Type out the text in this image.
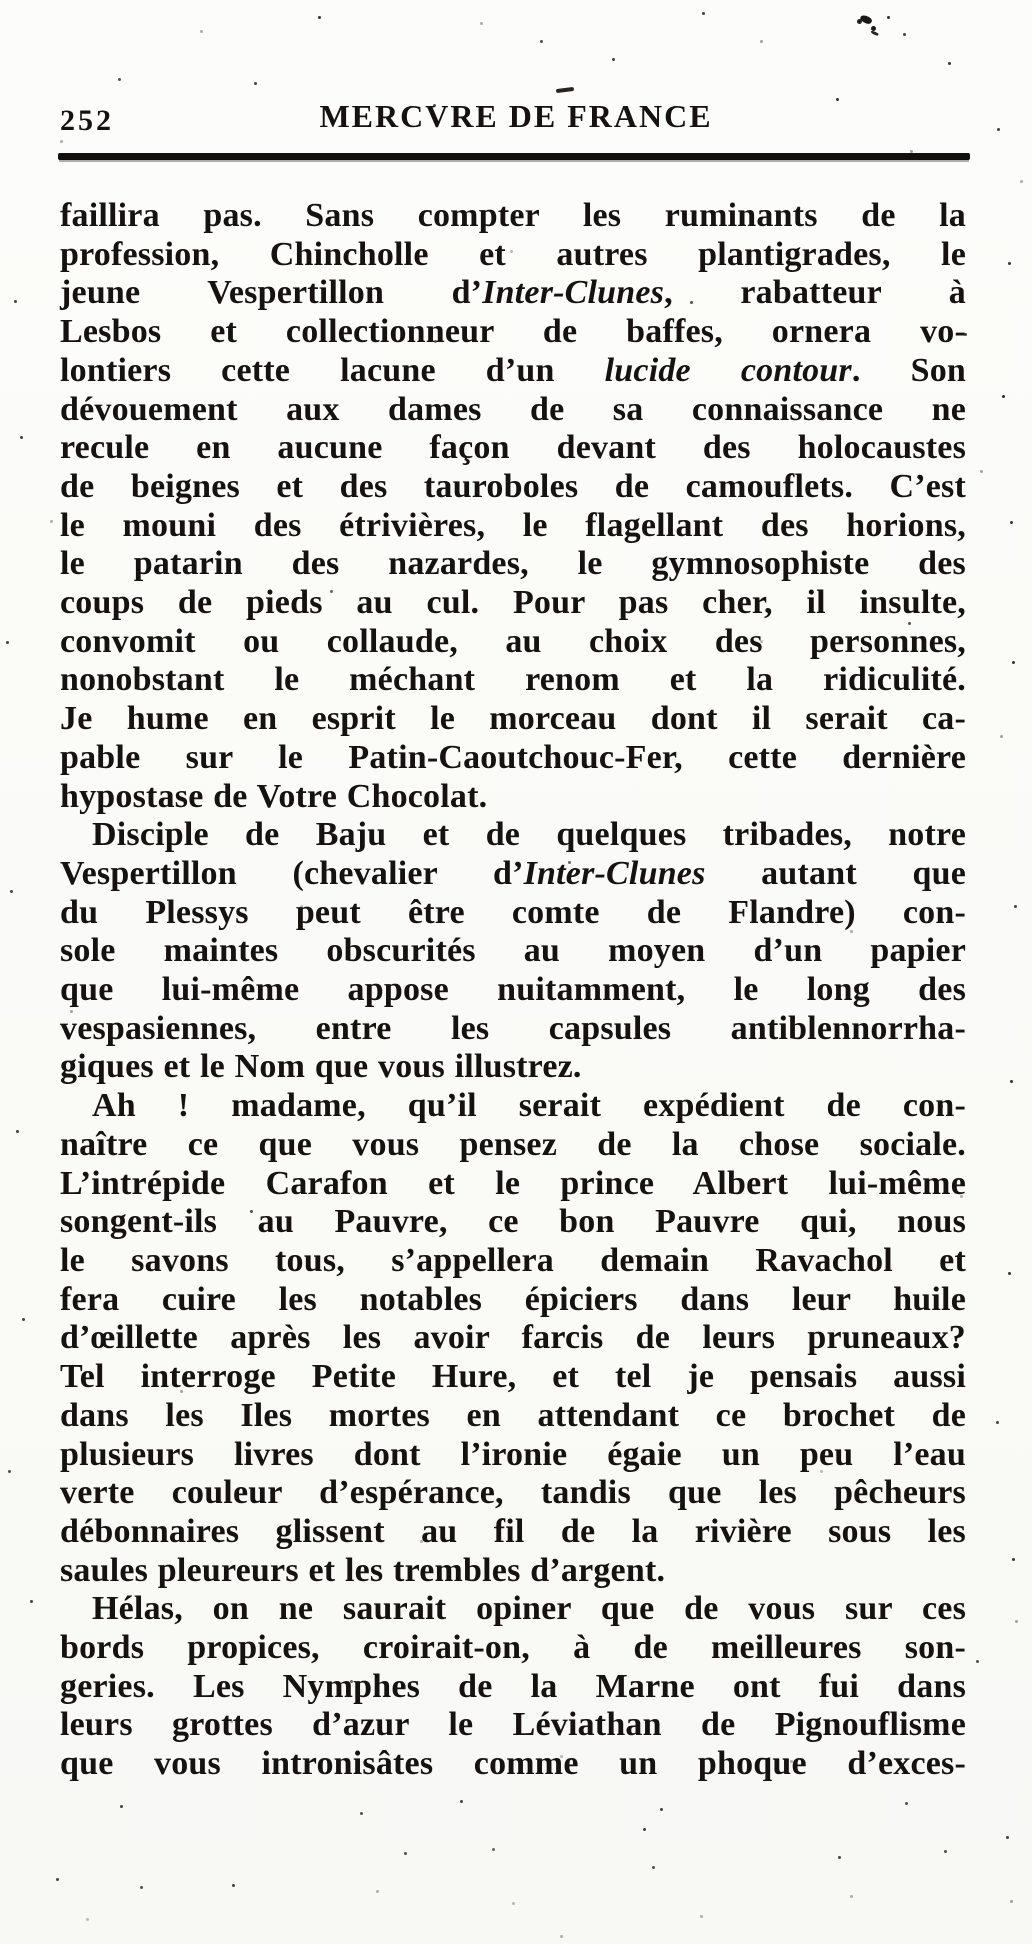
252	MERCVRE DE FRANCE
faillira pas. Sans compter les ruminants de la
profession, Chincholle et autres plantigrades, le
jeune Vespertillon d’Inter-Clunes, rabatteur à
Lesbos et collectionneur de baffes, ornera vo-
lontiers cette lacune d’un lucide contour. Son
dévouement aux dames de sa connaissance ne
recule en aucune façon devant des holocaustes
de beignes et des tauroboles de camouflets. C’est
le mouni des étrivières, le flagellant des horions,
le patarin des nazardes, le gymnosophiste des
coups de pieds au cul. Pour pas cher, il insulte,
convomit ou collaude, au choix des personnes,
nonobstant le méchant renom et la ridiculité.
Je hume en esprit le morceau dont il serait ca-
pable sur le Patin-Caoutchouc-Fer, cette dernière
hypostase de Votre Chocolat.
Disciple de Baju et de quelques tribades, notre
Vespertillon (chevalier d’Inter-Clunes autant que
du Plessys peut être comte de Flandre) con-
sole maintes obscurités au moyen d’un papier
que lui-même appose nuitamment, le long des
vespasiennes, entre les capsules antiblennorrha-
giques et le Nom que vous illustrez.
Ah ! madame, qu’il serait expédient de con-
naître ce que vous pensez de la chose sociale.
L’intrépide Carafon et le prince Albert lui-même
songent-ils au Pauvre, ce bon Pauvre qui, nous
le savons tous, s’appellera demain Ravachol et
fera cuire les notables épiciers dans leur huile
d’œillette après les avoir farcis de leurs pruneaux?
Tel interroge Petite Hure, et tel je pensais aussi
dans les Iles mortes en attendant ce brochet de
plusieurs livres dont l’ironie égaie un peu l’eau
verte couleur d’espérance, tandis que les pêcheurs
débonnaires glissent au fil de la rivière sous les
saules pleureurs et les trembles d’argent.
Hélas, on ne saurait opiner que de vous sur ces
bords propices, croirait-on, à de meilleures son-
geries. Les Nymphes de la Marne ont fui dans
leurs grottes d’azur le Léviathan de Pignouflisme
que vous intronisâtes comme un phoque d’exces-
